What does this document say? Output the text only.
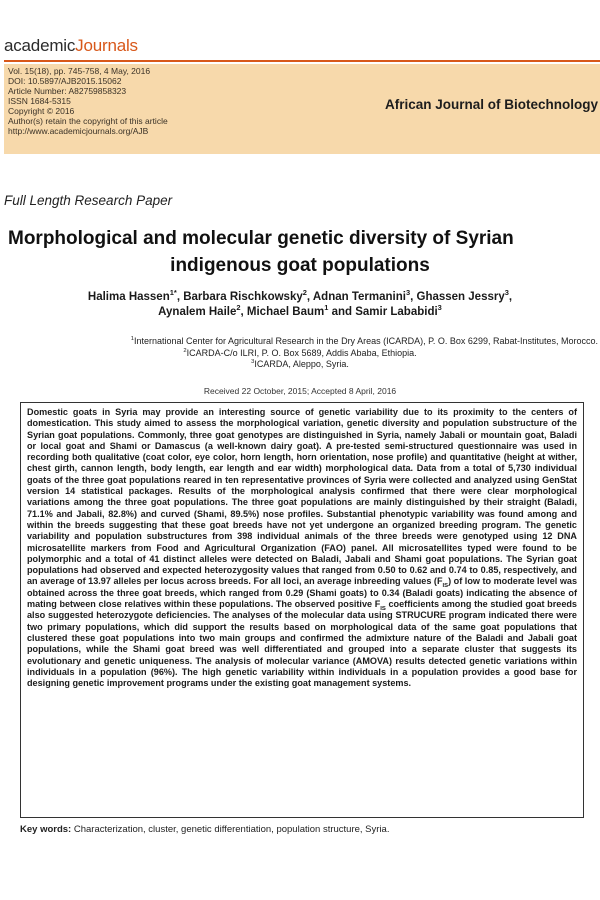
academicJournals
Vol. 15(18), pp. 745-758, 4 May, 2016
DOI: 10.5897/AJB2015.15062
Article Number: A82759858323
ISSN 1684-5315
Copyright © 2016
Author(s) retain the copyright of this article
http://www.academicjournals.org/AJB
African Journal of Biotechnology
Full Length Research Paper
Morphological and molecular genetic diversity of Syrian
indigenous goat populations
Halima Hassen$^{1*}$, Barbara Rischkowsky$^2$, Adnan Termanini$^3$, Ghassen Jessry$^3$,
Aynalem Haile$^2$, Michael Baum$^1$ and Samir Lababidi$^3$
$^1$International Center for Agricultural Research in the Dry Areas (ICARDA), P. O. Box 6299, Rabat-Institutes, Morocco.
$^2$ICARDA-C/o ILRI, P. O. Box 5689, Addis Ababa, Ethiopia.
$^3$ICARDA, Aleppo, Syria.
Received 22 October, 2015; Accepted 8 April, 2016
Domestic goats in Syria may provide an interesting source of genetic variability due to its proximity to the centers of domestication. This study aimed to assess the morphological variation, genetic diversity and population substructure of the Syrian goat populations. Commonly, three goat genotypes are distinguished in Syria, namely Jabali or mountain goat, Baladi or local goat and Shami or Damascus (a well-known dairy goat). A pre-tested semi-structured questionnaire was used in recording both qualitative (coat color, eye color, horn length, horn orientation, nose profile) and quantitative (height at wither, chest girth, cannon length, body length, ear length and ear width) morphological data. Data from a total of 5,730 individual goats of the three goat populations reared in ten representative provinces of Syria were collected and analyzed using GenStat version 14 statistical packages. Results of the morphological analysis confirmed that there were clear morphological variations among the three goat populations. The three goat populations are mainly distinguished by their straight (Baladi, 71.1% and Jabali, 82.8%) and curved (Shami, 89.5%) nose profiles. Substantial phenotypic variability was found among and within the breeds suggesting that these goat breeds have not yet undergone an organized breeding program. The genetic variability and population substructures from 398 individual animals of the three breeds were genotyped using 12 DNA microsatellite markers from Food and Agricultural Organization (FAO) panel. All microsatellites typed were found to be polymorphic and a total of 41 distinct alleles were detected on Baladi, Jabali and Shami goat populations. The Syrian goat populations had observed and expected heterozygosity values that ranged from 0.50 to 0.62 and 0.74 to 0.85, respectively, and an average of 13.97 alleles per locus across breeds. For all loci, an average inbreeding values $(F_{IS})$ of low to moderate level was obtained across the three goat breeds, which ranged from 0.29 (Shami goats) to 0.34 (Baladi goats) indicating the absence of mating between close relatives within these populations. The observed positive $F_{IS}$ coefficients among the studied goat breeds also suggested heterozygote deficiencies. The analyses of the molecular data using STRUCURE program indicated there were two primary populations, which did support the results based on morphological data of the same goat populations that clustered these goat populations into two main groups and confirmed the admixture nature of the Baladi and Jabali goat populations, while the Shami goat breed was well differentiated and grouped into a separate cluster that suggests its evolutionary and genetic uniqueness. The analysis of molecular variance (AMOVA) results detected genetic variations within individuals in a population (96%). The high genetic variability within individuals in a population provides a good base for designing genetic improvement programs under the existing goat management systems.
Key words: Characterization, cluster, genetic differentiation, population structure, Syria.
